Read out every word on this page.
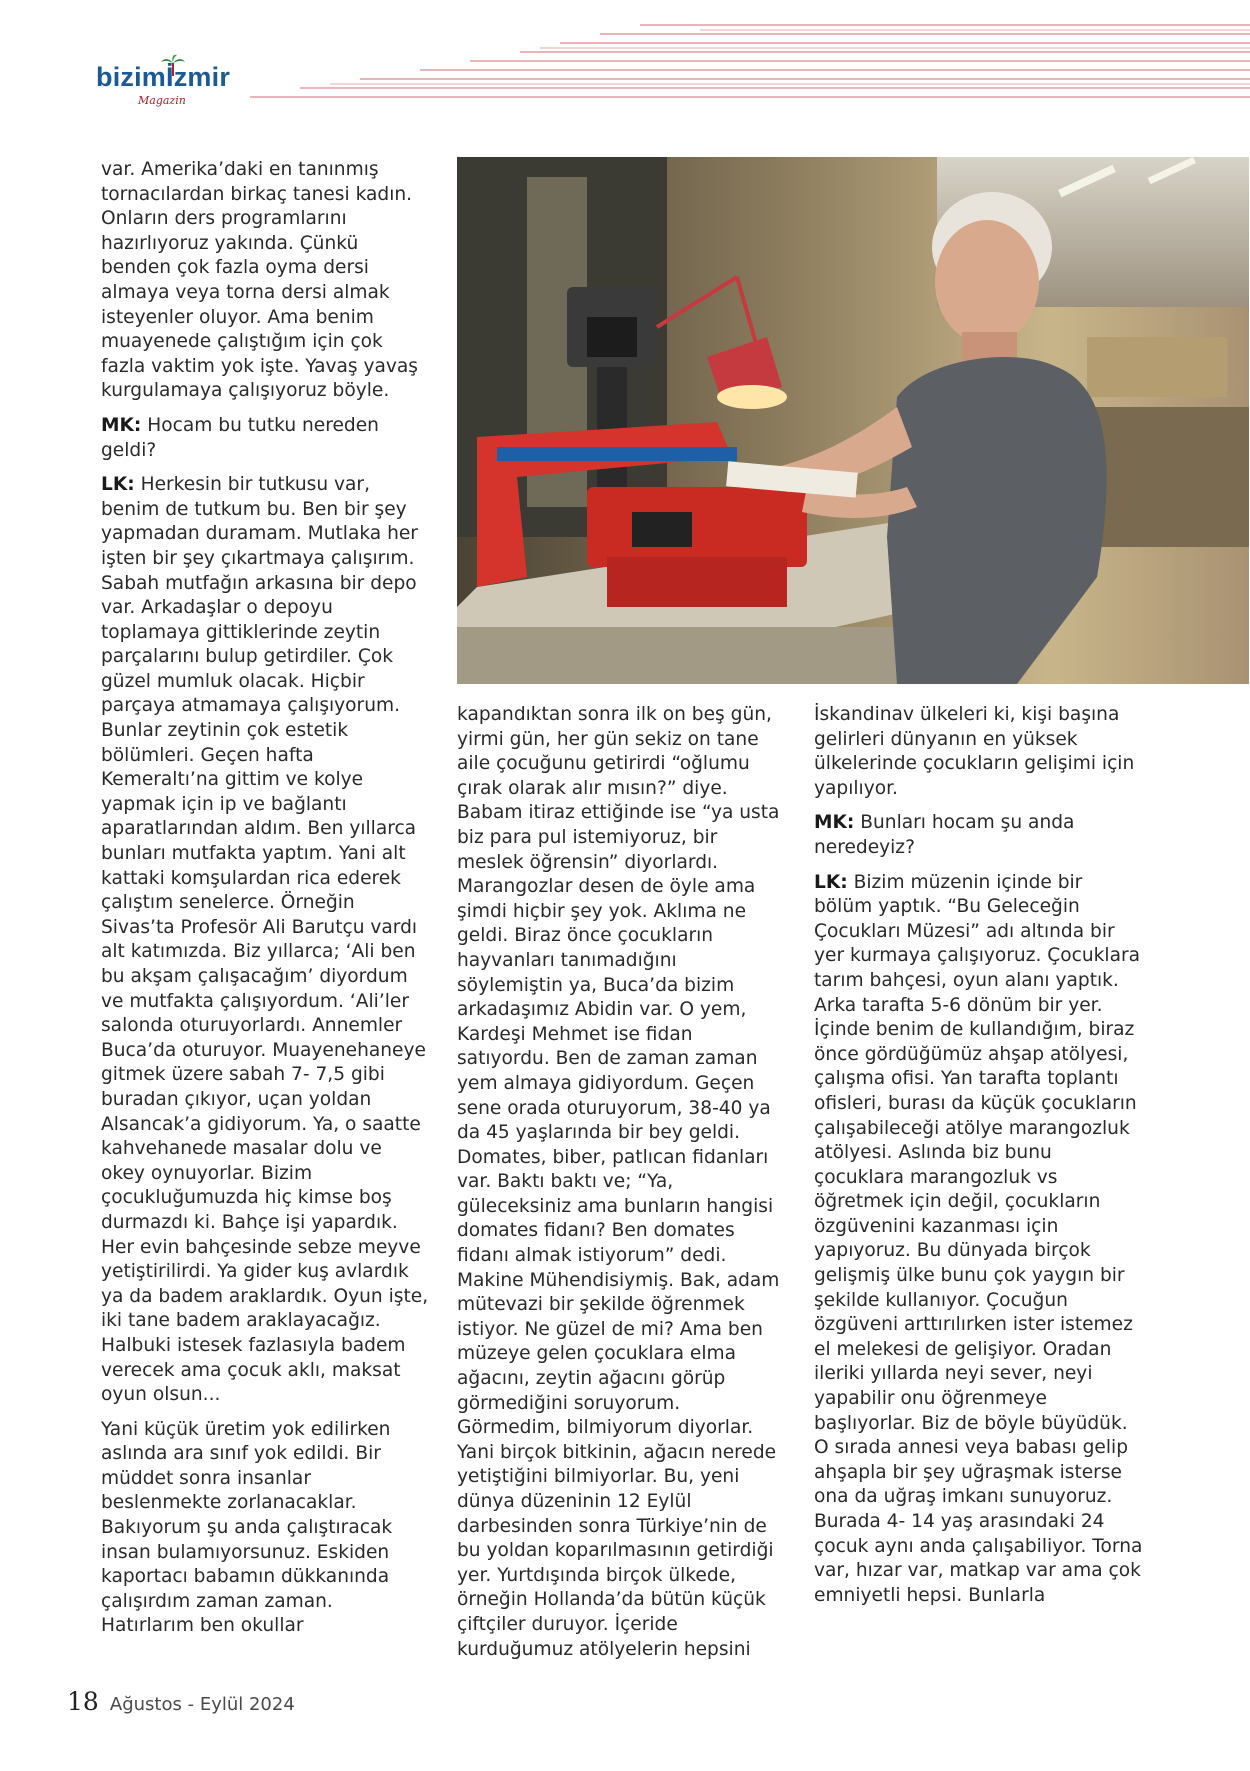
bizimİzmir
Magazin

var. Amerika’daki en tanınmış tornacılardan birkaç tanesi kadın. Onların ders programlarını hazırlıyoruz yakında. Çünkü benden çok fazla oyma dersi almaya veya torna dersi almak isteyenler oluyor. Ama benim muayenede çalıştığım için çok fazla vaktim yok işte. Yavaş yavaş kurgulamaya çalışıyoruz böyle.

MK: Hocam bu tutku nereden geldi?

LK: Herkesin bir tutkusu var, benim de tutkum bu. Ben bir şey yapmadan duramam. Mutlaka her işten bir şey çıkartmaya çalışırım. Sabah mutfağın arkasına bir depo var. Arkadaşlar o depoyu toplamaya gittiklerinde zeytin parçalarını bulup getirdiler. Çok güzel mumluk olacak. Hiçbir parçaya atmamaya çalışıyorum. Bunlar zeytinin çok estetik bölümleri. Geçen hafta Kemeraltı’na gittim ve kolye yapmak için ip ve bağlantı aparatlarından aldım. Ben yıllarca bunları mutfakta yaptım. Yani alt kattaki komşulardan rica ederek çalıştım senelerce. Örneğin Sivas’ta Profesör Ali Barutçu vardı alt katımızda. Biz yıllarca; ‘Ali ben bu akşam çalışacağım’ diyordum ve mutfakta çalışıyordum. ‘Ali’ler salonda oturuyorlardı. Annemler Buca’da oturuyor. Muayenehaneye gitmek üzere sabah 7- 7,5 gibi buradan çıkıyor, uçan yoldan Alsancak’a gidiyorum. Ya, o saatte kahvehanede masalar dolu ve okey oynuyorlar. Bizim çocukluğumuzda hiç kimse boş durmazdı ki. Bahçe işi yapardık. Her evin bahçesinde sebze meyve yetiştirilirdi. Ya gider kuş avlardık ya da badem araklardık. Oyun işte, iki tane badem araklayacağız. Halbuki istesek fazlasıyla badem verecek ama çocuk aklı, maksat oyun olsun...

Yani küçük üretim yok edilirken aslında ara sınıf yok edildi. Bir müddet sonra insanlar beslenmekte zorlanacaklar. Bakıyorum şu anda çalıştıracak insan bulamıyorsunuz. Eskiden kaportacı babamın dükkanında çalışırdım zaman zaman. Hatırlarım ben okullar

kapandıktan sonra ilk on beş gün, yirmi gün, her gün sekiz on tane aile çocuğunu getirirdi “oğlumu çırak olarak alır mısın?” diye. Babam itiraz ettiğinde ise “ya usta biz para pul istemiyoruz, bir meslek öğrensin” diyorlardı. Marangozlar desen de öyle ama şimdi hiçbir şey yok. Aklıma ne geldi. Biraz önce çocukların hayvanları tanımadığını söylemiştin ya, Buca’da bizim arkadaşımız Abidin var. O yem, Kardeşi Mehmet ise fidan satıyordu. Ben de zaman zaman yem almaya gidiyordum. Geçen sene orada oturuyorum, 38-40 ya da 45 yaşlarında bir bey geldi. Domates, biber, patlıcan fidanları var. Baktı baktı ve; “Ya, güleceksiniz ama bunların hangisi domates fidanı? Ben domates fidanı almak istiyorum” dedi. Makine Mühendisiymiş. Bak, adam mütevazi bir şekilde öğrenmek istiyor. Ne güzel de mi? Ama ben müzeye gelen çocuklara elma ağacını, zeytin ağacını görüp görmediğini soruyorum. Görmedim, bilmiyorum diyorlar. Yani birçok bitkinin, ağacın nerede yetiştiğini bilmiyorlar. Bu, yeni dünya düzeninin 12 Eylül darbesinden sonra Türkiye’nin de bu yoldan koparılmasının getirdiği yer. Yurtdışında birçok ülkede, örneğin Hollanda’da bütün küçük çiftçiler duruyor. İçeride kurduğumuz atölyelerin hepsini

İskandinav ülkeleri ki, kişi başına gelirleri dünyanın en yüksek ülkelerinde çocukların gelişimi için yapılıyor.

MK: Bunları hocam şu anda neredeyiz?

LK: Bizim müzenin içinde bir bölüm yaptık. “Bu Geleceğin Çocukları Müzesi” adı altında bir yer kurmaya çalışıyoruz. Çocuklara tarım bahçesi, oyun alanı yaptık. Arka tarafta 5-6 dönüm bir yer. İçinde benim de kullandığım, biraz önce gördüğümüz ahşap atölyesi, çalışma ofisi. Yan tarafta toplantı ofisleri, burası da küçük çocukların çalışabileceği atölye marangozluk atölyesi. Aslında biz bunu çocuklara marangozluk vs öğretmek için değil, çocukların özgüvenini kazanması için yapıyoruz. Bu dünyada birçok gelişmiş ülke bunu çok yaygın bir şekilde kullanıyor. Çocuğun özgüveni arttırılırken ister istemez el melekesi de gelişiyor. Oradan ileriki yıllarda neyi sever, neyi yapabilir onu öğrenmeye başlıyorlar. Biz de böyle büyüdük. O sırada annesi veya babası gelip ahşapla bir şey uğraşmak isterse ona da uğraş imkanı sunuyoruz. Burada 4- 14 yaş arasındaki 24 çocuk aynı anda çalışabiliyor. Torna var, hızar var, matkap var ama çok emniyetli hepsi. Bunlarla

18 Ağustos - Eylül 2024
